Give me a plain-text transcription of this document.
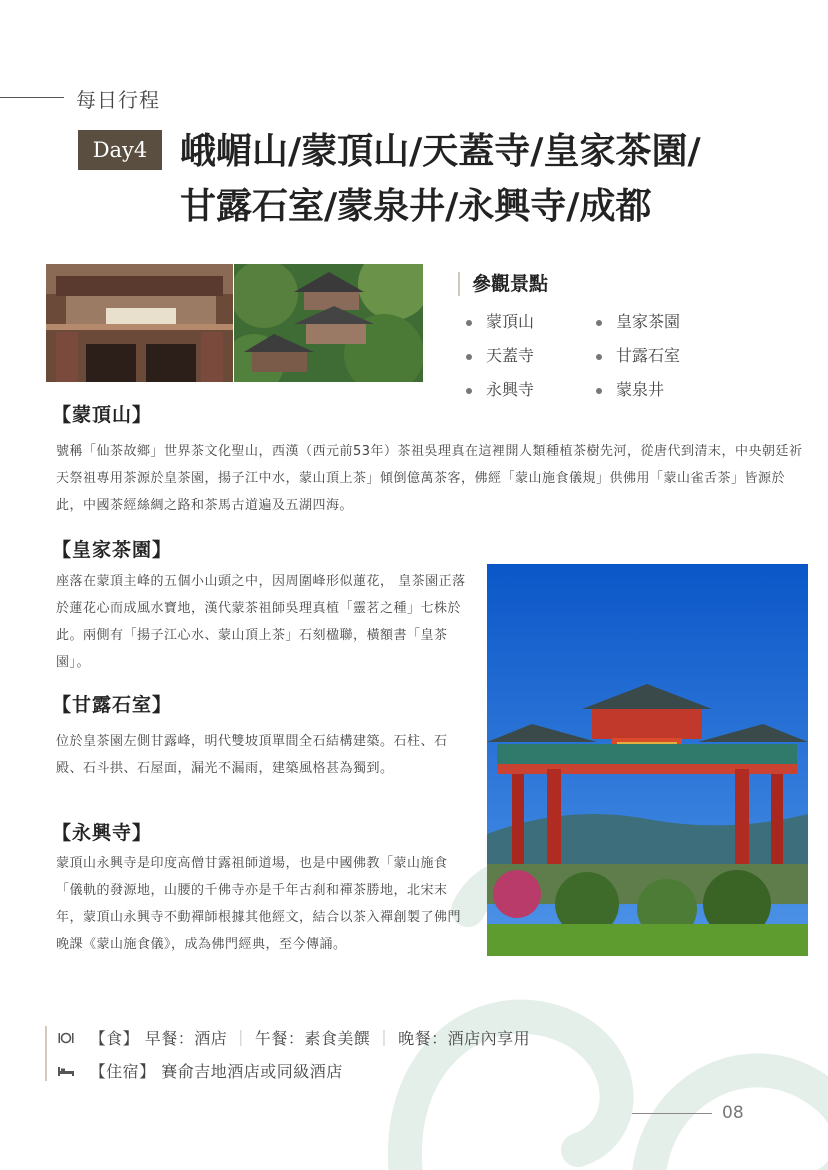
每日行程
Day4 峨嵋山/蒙頂山/天蓋寺/皇家茶園/
甘露石室/蒙泉井/永興寺/成都
參觀景點
蒙頂山	皇家茶園
天蓋寺	甘露石室
永興寺	蒙泉井
【蒙頂山】

號稱「仙茶故鄉」世界茶文化聖山，西漢（西元前53年）茶祖吳理真在這裡開人類種植茶樹先河，從唐代到清末，中央朝廷祈天祭祖專用茶源於皇茶園，揚子江中水，蒙山頂上茶」傾倒億萬茶客，佛經「蒙山施食儀規」供佛用「蒙山雀舌茶」皆源於此，中國茶經絲綢之路和茶馬古道遍及五湖四海。

【皇家茶園】

座落在蒙頂主峰的五個小山頭之中，因周圍峰形似蓮花， 皇茶園正落於蓮花心而成風水寶地，漢代蒙茶祖師吳理真植「靈茗之種」七株於此。兩側有「揚子江心水、蒙山頂上茶」石刻楹聯，橫額書「皇茶園」。

【甘露石室】

位於皇茶園左側甘露峰，明代雙坡頂單間全石結構建築。石柱、石殿、石斗拱、石屋面，漏光不漏雨，建築風格甚為獨到。

【永興寺】

蒙頂山永興寺是印度高僧甘露祖師道場，也是中國佛教「蒙山施食「儀軌的發源地，山腰的千佛寺亦是千年古刹和禪茶勝地，北宋末年，蒙頂山永興寺不動禪師根據其他經文，結合以茶入禪創製了佛門晚課《蒙山施食儀》，成為佛門經典，至今傳誦。

【食】 早餐：酒店 ｜ 午餐：素食美饌 ｜ 晚餐：酒店內享用
【住宿】 賽俞吉地酒店或同級酒店
08
